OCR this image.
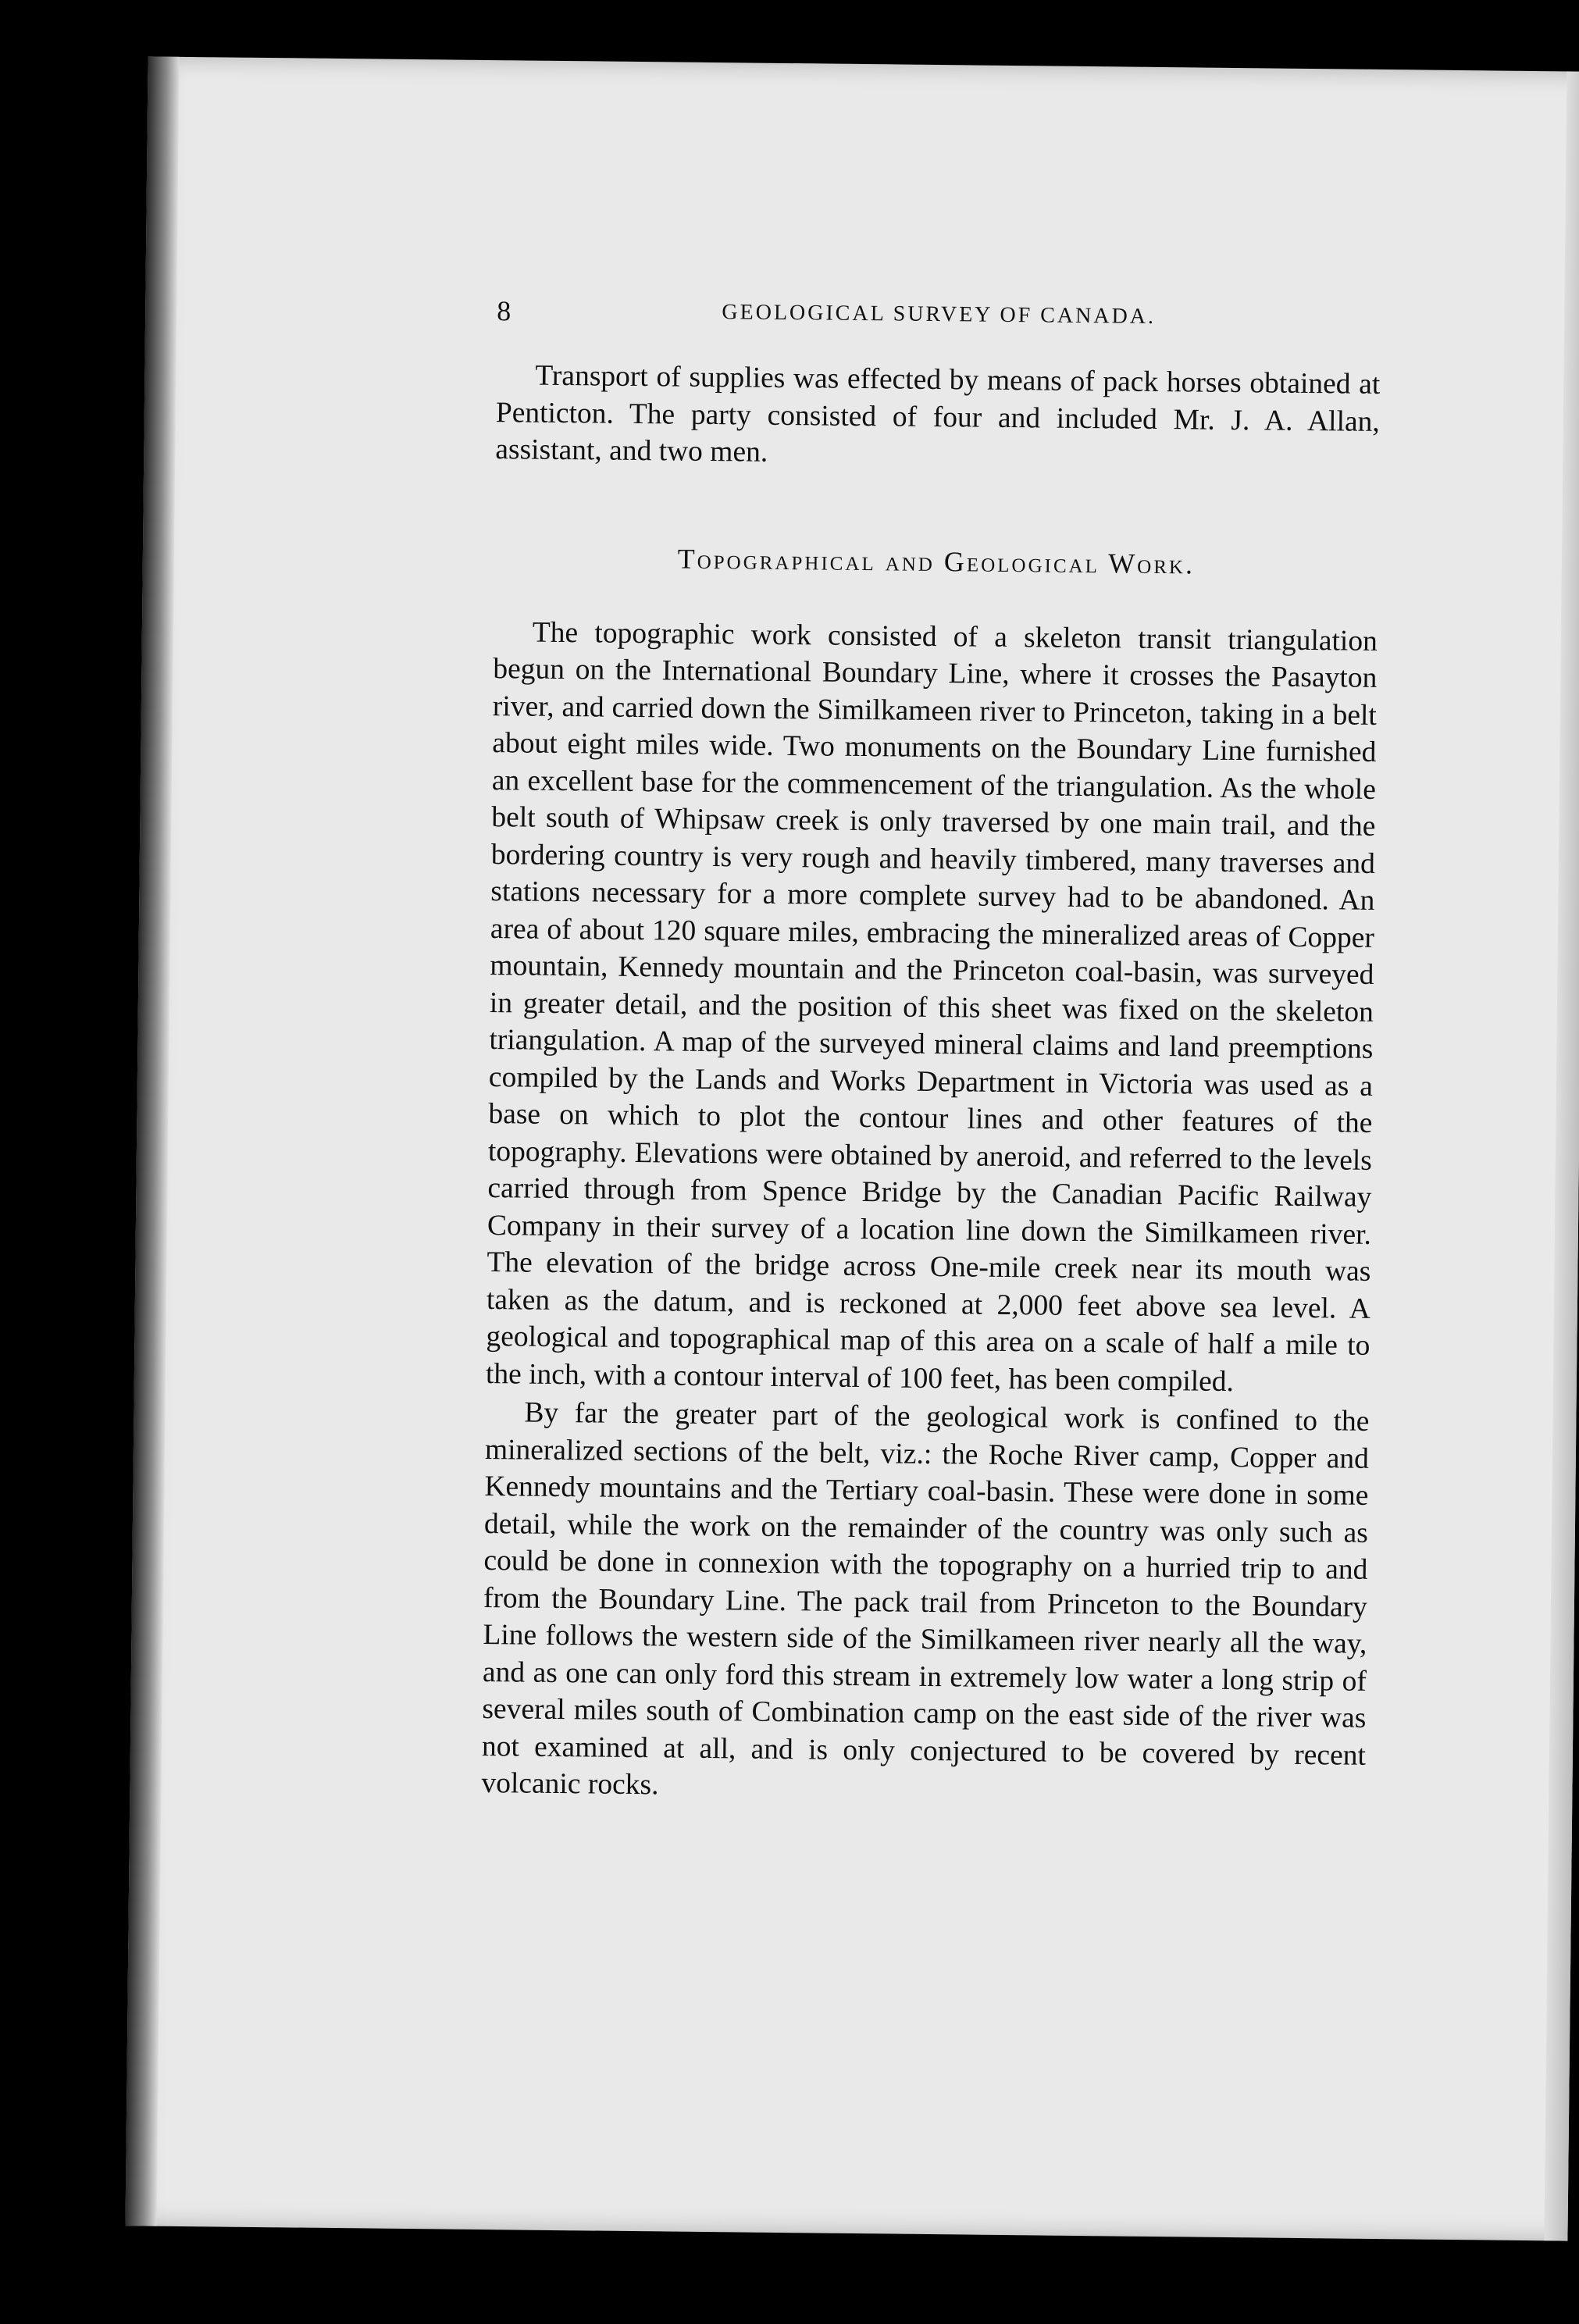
8	GEOLOGICAL SURVEY OF CANADA.

Transport of supplies was effected by means of pack horses obtained at Penticton. The party consisted of four and included Mr. J. A. Allan, assistant, and two men.

Topographical and Geological Work.

The topographic work consisted of a skeleton transit triangulation begun on the International Boundary Line, where it crosses the Pasayton river, and carried down the Similkameen river to Princeton, taking in a belt about eight miles wide. Two monuments on the Boundary Line furnished an excellent base for the commencement of the triangulation. As the whole belt south of Whipsaw creek is only traversed by one main trail, and the bordering country is very rough and heavily timbered, many traverses and stations necessary for a more complete survey had to be abandoned. An area of about 120 square miles, embracing the mineralized areas of Copper mountain, Kennedy mountain and the Princeton coal-basin, was surveyed in greater detail, and the position of this sheet was fixed on the skeleton triangulation. A map of the surveyed mineral claims and land preemptions compiled by the Lands and Works Department in Victoria was used as a base on which to plot the contour lines and other features of the topography. Elevations were obtained by aneroid, and referred to the levels carried through from Spence Bridge by the Canadian Pacific Railway Company in their survey of a location line down the Similkameen river. The elevation of the bridge across One-mile creek near its mouth was taken as the datum, and is reckoned at 2,000 feet above sea level. A geological and topographical map of this area on a scale of half a mile to the inch, with a contour interval of 100 feet, has been compiled.

By far the greater part of the geological work is confined to the mineralized sections of the belt, viz.: the Roche River camp, Copper and Kennedy mountains and the Tertiary coal-basin. These were done in some detail, while the work on the remainder of the country was only such as could be done in connexion with the topography on a hurried trip to and from the Boundary Line. The pack trail from Princeton to the Boundary Line follows the western side of the Similkameen river nearly all the way, and as one can only ford this stream in extremely low water a long strip of several miles south of Combination camp on the east side of the river was not examined at all, and is only conjectured to be covered by recent volcanic rocks.
